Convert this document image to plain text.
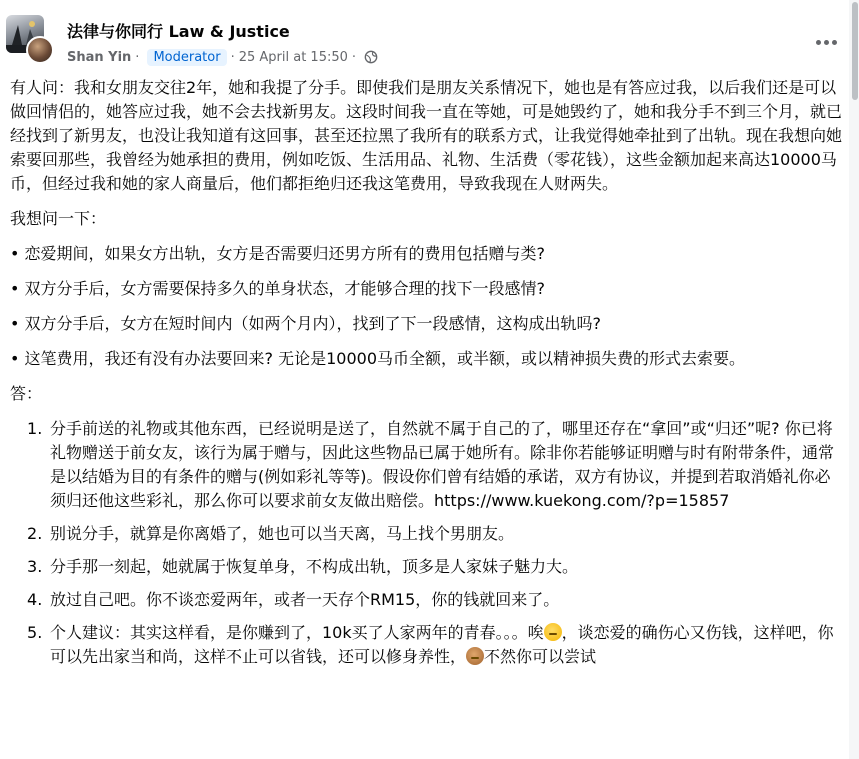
法律与你同行 Law & Justice
Shan Yin ·	Moderator · 25 April at 15:50 ·

有人问：我和女朋友交往2年，她和我提了分手。即使我们是朋友关系情况下，她也是有答应过我，以后我们还是可以做回情侣的，她答应过我，她不会去找新男友。这段时间我一直在等她，可是她毁约了，她和我分手不到三个月，就已经找到了新男友，也没让我知道有这回事，甚至还拉黑了我所有的联系方式，让我觉得她牵扯到了出轨。现在我想向她索要回那些，我曾经为她承担的费用，例如吃饭、生活用品、礼物、生活费（零花钱），这些金额加起来高达10000马币，但经过我和她的家人商量后，他们都拒绝归还我这笔费用，导致我现在人财两失。

我想问一下：

• 恋爱期间，如果女方出轨，女方是否需要归还男方所有的费用包括赠与类?

• 双方分手后，女方需要保持多久的单身状态，才能够合理的找下一段感情?

• 双方分手后，女方在短时间内（如两个月内），找到了下一段感情，这构成出轨吗?

• 这笔费用，我还有没有办法要回来? 无论是10000马币全额，或半额，或以精神损失费的形式去索要。

答：

分手前送的礼物或其他东西，已经说明是送了，自然就不属于自己的了，哪里还存在“拿回”或“归还”呢? 你已将礼物赠送于前女友，该行为属于赠与，因此这些物品已属于她所有。除非你若能够证明赠与时有附带条件，通常是以结婚为目的有条件的赠与(例如彩礼等等)。假设你们曾有结婚的承诺，双方有协议，并提到若取消婚礼你必须归还他这些彩礼，那么你可以要求前女友做出赔偿。https://www.kuekong.com/?p=15857
别说分手，就算是你离婚了，她也可以当天离，马上找个男朋友。
分手那一刻起，她就属于恢复单身，不构成出轨，顶多是人家妹子魅力大。
放过自己吧。你不谈恋爱两年，或者一天存个RM15，你的钱就回来了。
个人建议：其实这样看，是你赚到了，10k买了人家两年的青春。。。唉 ，谈恋爱的确伤心又伤钱，这样吧，你可以先出家当和尚，这样不止可以省钱，还可以修身养性， 不然你可以尝试
